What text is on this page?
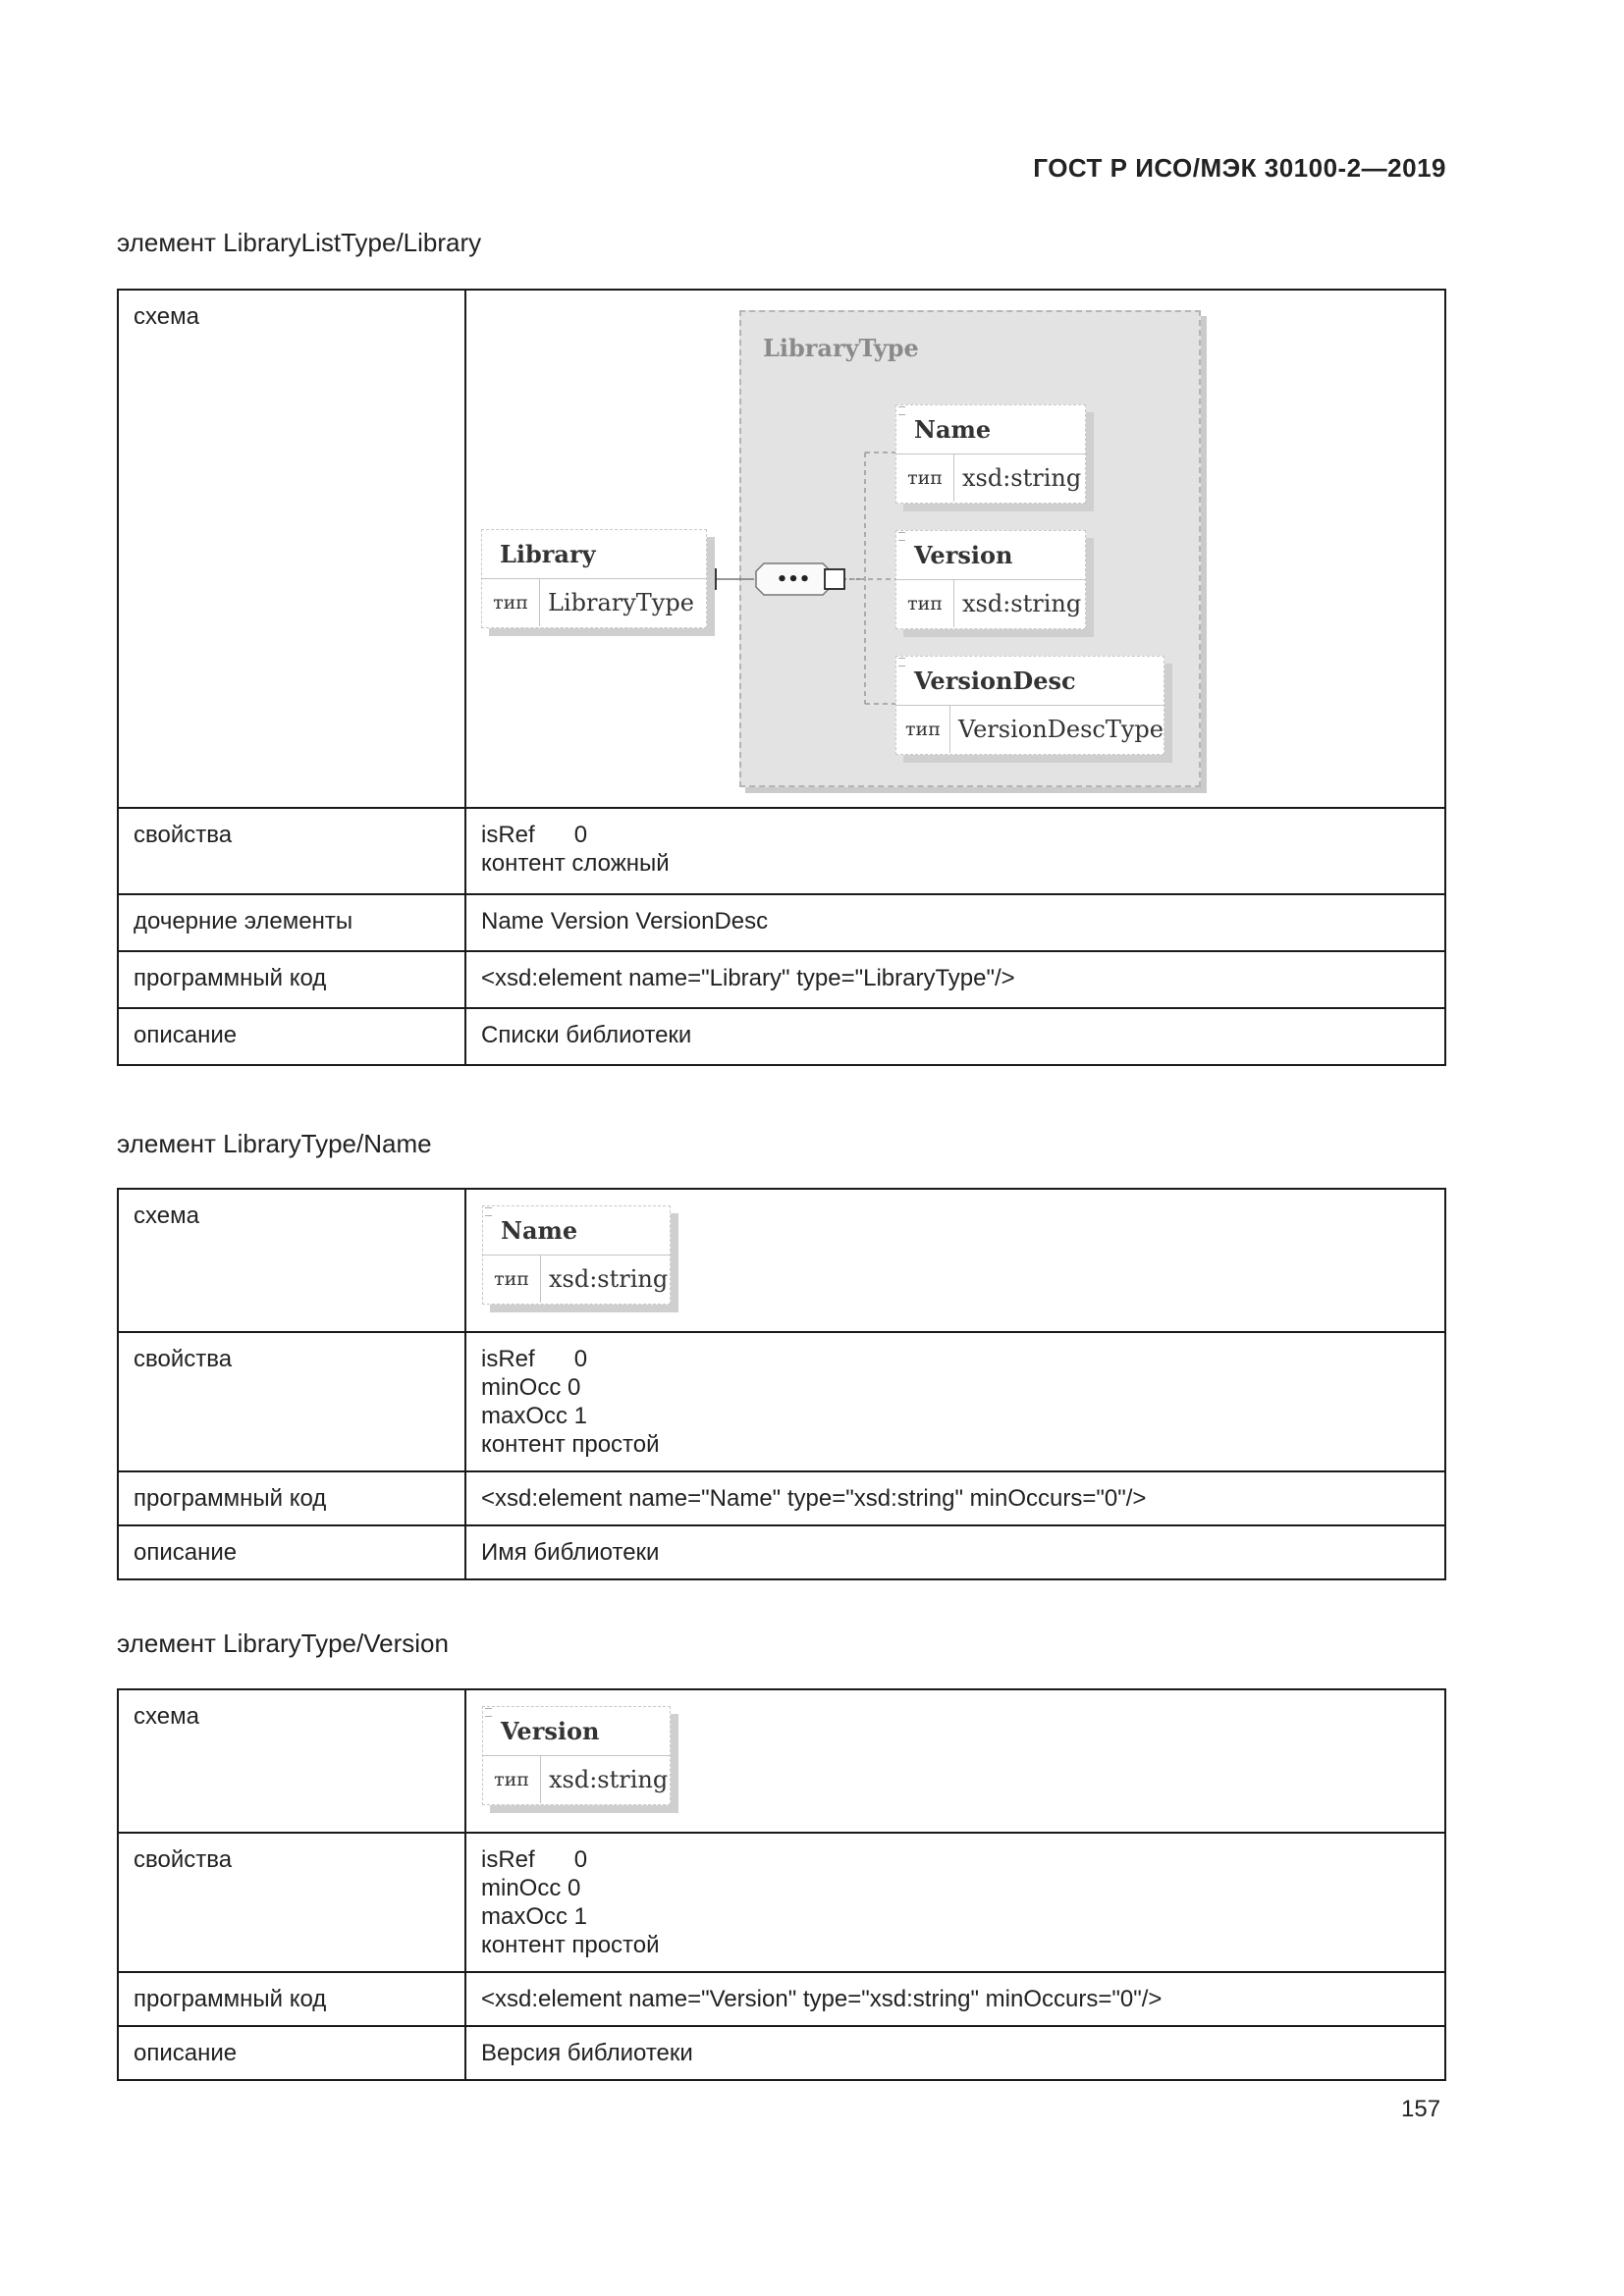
ГОСТ Р ИСО/МЭК 30100-2—2019
элемент LibraryListType/Library
схема	
свойства	isRef      0
контент сложный

дочерние элементы	Name Version VersionDesc
программный код	<xsd:element name="Library" type="LibraryType"/>
описание	Списки библиотеки
LibraryType
•••
Library
тип LibraryType
Name
тип xsd:string
Version
тип xsd:string
VersionDesc
тип VersionDescType
элемент LibraryType/Name
схема	
свойства	isRef      0
minOcc 0
maxOcc 1
контент простой

программный код	<xsd:element name="Name" type="xsd:string" minOccurs="0"/>
описание	Имя библиотеки
Name
тип xsd:string
элемент LibraryType/Version
схема	
свойства	isRef      0
minOcc 0
maxOcc 1
контент простой

программный код	<xsd:element name="Version" type="xsd:string" minOccurs="0"/>
описание	Версия библиотеки
Version
тип xsd:string
157
